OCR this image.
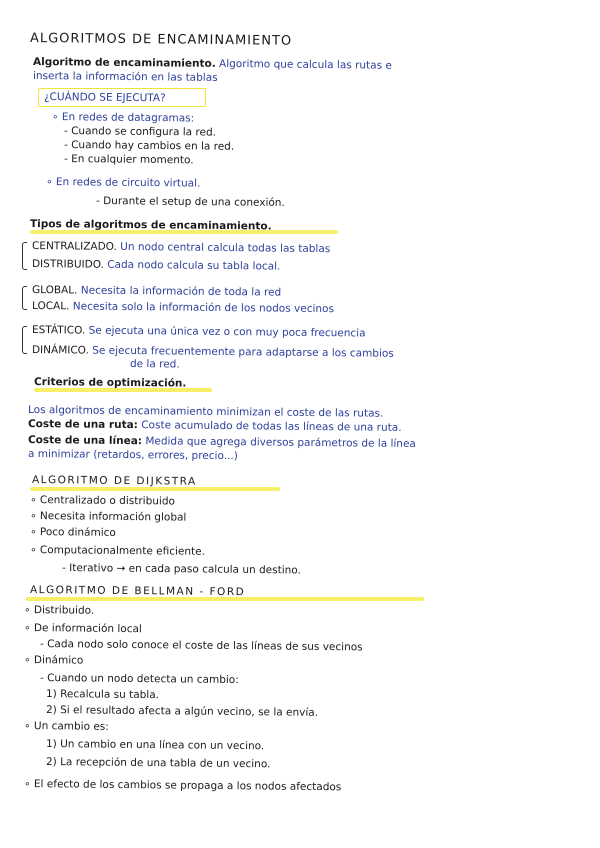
ALGORITMOS DE ENCAMINAMIENTO
Algoritmo de encaminamiento. Algoritmo que calcula las rutas e
inserta la información en las tablas
¿CUÁNDO SE EJECUTA?
∘ En redes de datagramas:
- Cuando se configura la red.
- Cuando hay cambios en la red.
- En cualquier momento.
∘ En redes de circuito virtual.
- Durante el setup de una conexión.
Tipos de algoritmos de encaminamiento.
CENTRALIZADO. Un nodo central calcula todas las tablas
DISTRIBUIDO. Cada nodo calcula su tabla local.
GLOBAL. Necesita la información de toda la red
LOCAL. Necesita solo la información de los nodos vecinos
ESTÁTICO. Se ejecuta una única vez o con muy poca frecuencia
DINÁMICO. Se ejecuta frecuentemente para adaptarse a los cambios
de la red.
Criterios de optimización.
Los algoritmos de encaminamiento minimizan el coste de las rutas.
Coste de una ruta: Coste acumulado de todas las líneas de una ruta.
Coste de una línea: Medida que agrega diversos parámetros de la línea
a minimizar (retardos, errores, precio...)
ALGORITMO DE DIJKSTRA
∘ Centralizado o distribuido
∘ Necesita información global
∘ Poco dinámico
∘ Computacionalmente eficiente.
- Iterativo → en cada paso calcula un destino.
ALGORITMO DE BELLMAN - FORD
∘ Distribuido.
∘ De información local
- Cada nodo solo conoce el coste de las líneas de sus vecinos
∘ Dinámico
- Cuando un nodo detecta un cambio:
1) Recalcula su tabla.
2) Si el resultado afecta a algún vecino, se la envía.
∘ Un cambio es:
1) Un cambio en una línea con un vecino.
2) La recepción de una tabla de un vecino.
∘ El efecto de los cambios se propaga a los nodos afectados
